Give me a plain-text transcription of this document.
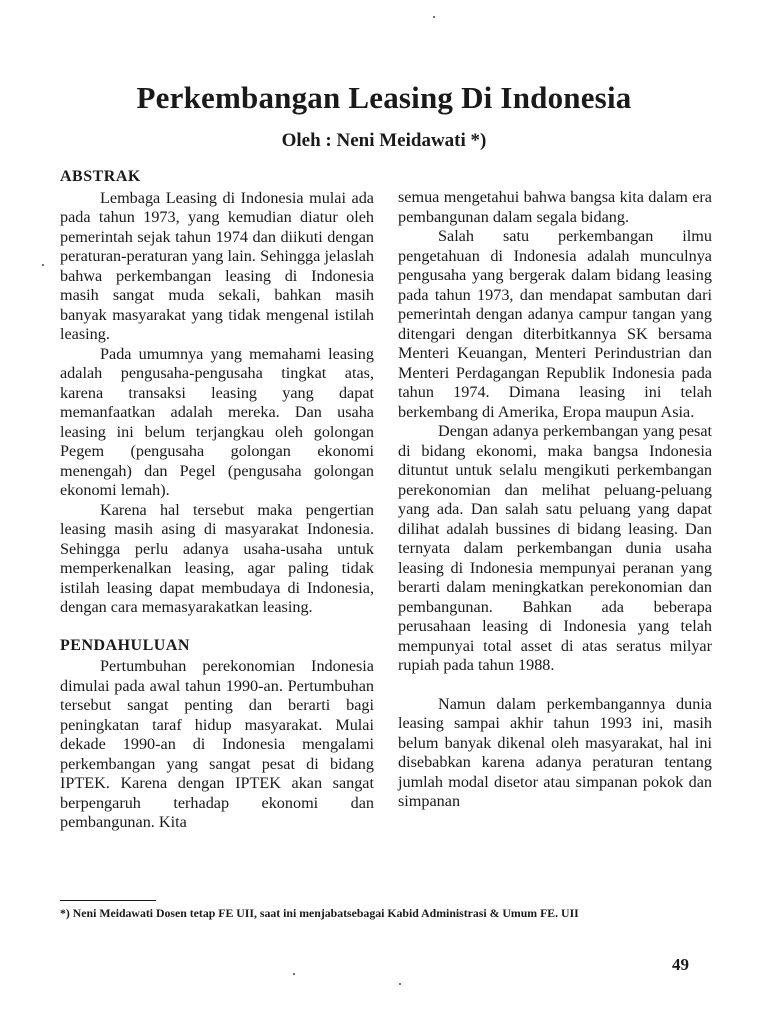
Perkembangan Leasing Di Indonesia
Oleh : Neni Meidawati *)
ABSTRAK

Lembaga Leasing di Indonesia mulai ada pada tahun 1973, yang kemudian diatur oleh pemerintah sejak tahun 1974 dan diikuti dengan peraturan-peraturan yang lain. Sehingga jelaslah bahwa perkembangan leasing di Indonesia masih sangat muda sekali, bahkan masih banyak masyarakat yang tidak mengenal istilah leasing.

Pada umumnya yang memahami leasing adalah pengusaha-pengusaha tingkat atas, karena transaksi leasing yang dapat memanfaatkan adalah mereka. Dan usaha leasing ini belum terjangkau oleh golongan Pegem (pengusaha golongan ekonomi menengah) dan Pegel (pengusaha golongan ekonomi lemah).

Karena hal tersebut maka pengertian leasing masih asing di masyarakat Indonesia. Sehingga perlu adanya usaha-usaha untuk memperkenalkan leasing, agar paling tidak istilah leasing dapat membudaya di Indonesia, dengan cara memasyarakatkan leasing.

PENDAHULUAN

Pertumbuhan perekonomian Indonesia dimulai pada awal tahun 1990-an. Pertumbuhan tersebut sangat penting dan berarti bagi peningkatan taraf hidup masyarakat. Mulai dekade 1990-an di Indonesia mengalami perkembangan yang sangat pesat di bidang IPTEK. Karena dengan IPTEK akan sangat berpengaruh terhadap ekonomi dan pembangunan. Kita

semua mengetahui bahwa bangsa kita dalam era pembangunan dalam segala bidang.

Salah satu perkembangan ilmu pengetahuan di Indonesia adalah munculnya pengusaha yang bergerak dalam bidang leasing pada tahun 1973, dan mendapat sambutan dari pemerintah dengan adanya campur tangan yang ditengari dengan diterbitkannya SK bersama Menteri Keuangan, Menteri Perindustrian dan Menteri Perdagangan Republik Indonesia pada tahun 1974. Dimana leasing ini telah berkembang di Amerika, Eropa maupun Asia.

Dengan adanya perkembangan yang pesat di bidang ekonomi, maka bangsa Indonesia dituntut untuk selalu mengikuti perkembangan perekonomian dan melihat peluang-peluang yang ada. Dan salah satu peluang yang dapat dilihat adalah bussines di bidang leasing. Dan ternyata dalam perkembangan dunia usaha leasing di Indonesia mempunyai peranan yang berarti dalam meningkatkan perekonomian dan pembangunan. Bahkan ada beberapa perusahaan leasing di Indonesia yang telah mempunyai total asset di atas seratus milyar rupiah pada tahun 1988.

Namun dalam perkembangannya dunia leasing sampai akhir tahun 1993 ini, masih belum banyak dikenal oleh masyarakat, hal ini disebabkan karena adanya peraturan tentang jumlah modal disetor atau simpanan pokok dan simpanan

*) Neni Meidawati Dosen tetap FE UII, saat ini menjabatsebagai Kabid Administrasi & Umum FE. UII
49
